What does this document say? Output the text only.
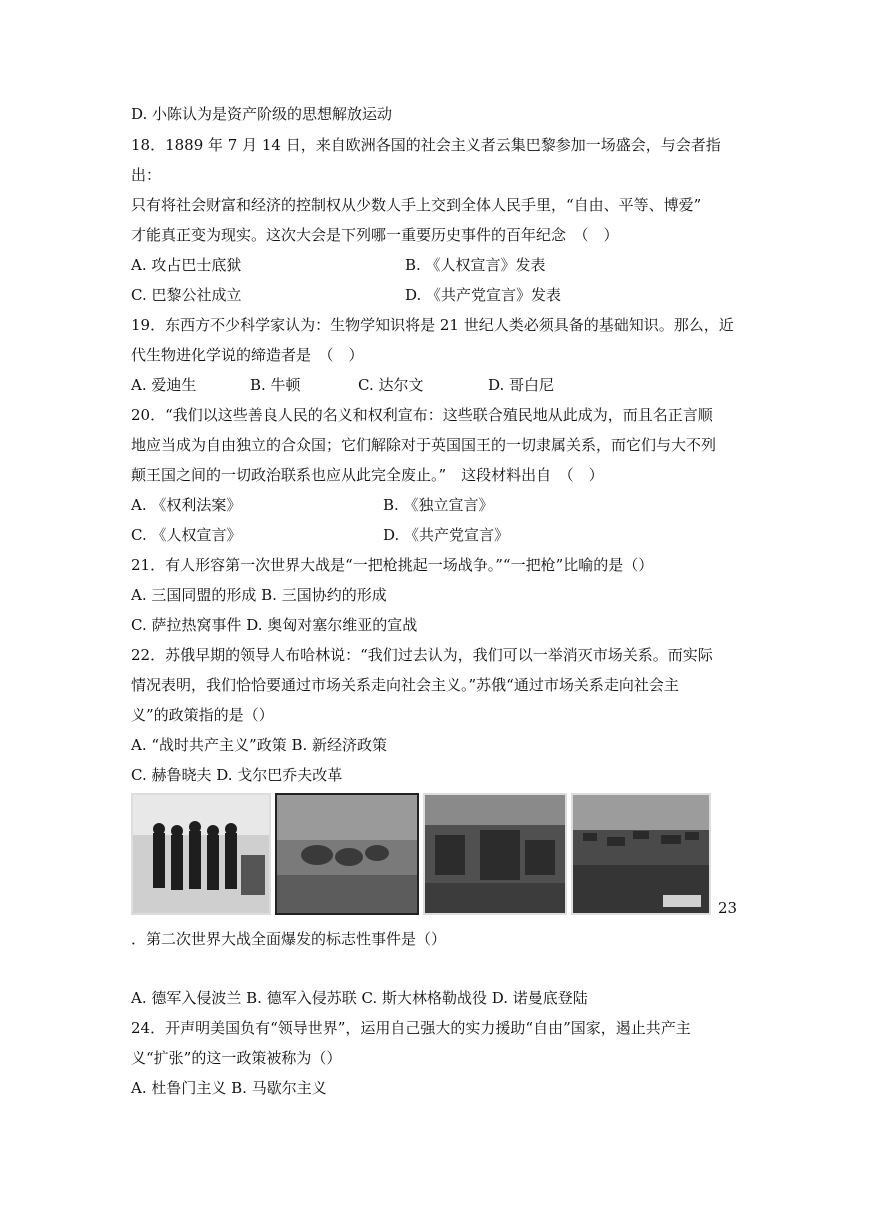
D. 小陈认为是资产阶级的思想解放运动
18．1889 年 7 月 14 日，来自欧洲各国的社会主义者云集巴黎参加一场盛会，与会者指
出：
只有将社会财富和经济的控制权从少数人手上交到全体人民手里，“自由、平等、博爱”
才能真正变为现实。这次大会是下列哪一重要历史事件的百年纪念　（　）
A. 攻占巴士底狱	B. 《人权宣言》发表
C. 巴黎公社成立	D. 《共产党宣言》发表
19．东西方不少科学家认为：生物学知识将是 21 世纪人类必须具备的基础知识。那么，近
代生物进化学说的缔造者是　（　）
A. 爱迪生	B. 牛顿	C. 达尔文	D. 哥白尼
20．“我们以这些善良人民的名义和权利宣布：这些联合殖民地从此成为，而且名正言顺
地应当成为自由独立的合众国；它们解除对于英国国王的一切隶属关系，而它们与大不列
颠王国之间的一切政治联系也应从此完全废止。”　这段材料出自　（　）
A. 《权利法案》	B. 《独立宣言》
C. 《人权宣言》	D. 《共产党宣言》
21．有人形容第一次世界大战是“一把枪挑起一场战争。”“一把枪”比喻的是（）
A. 三国同盟的形成 B. 三国协约的形成
C. 萨拉热窝事件 D. 奥匈对塞尔维亚的宣战
22．苏俄早期的领导人布哈林说：“我们过去认为，我们可以一举消灭市场关系。而实际
情况表明，我们恰恰要通过市场关系走向社会主义。”苏俄“通过市场关系走向社会主
义”的政策指的是（）
A. “战时共产主义”政策 B. 新经济政策
C. 赫鲁晓夫 D. 戈尔巴乔夫改革
23
．第二次世界大战全面爆发的标志性事件是（）
A. 德军入侵波兰 B. 德军入侵苏联 C. 斯大林格勒战役 D. 诺曼底登陆
24．开声明美国负有“领导世界”，运用自己强大的实力援助“自由”国家，遏止共产主
义“扩张”的这一政策被称为（）
A. 杜鲁门主义 B. 马歇尔主义
